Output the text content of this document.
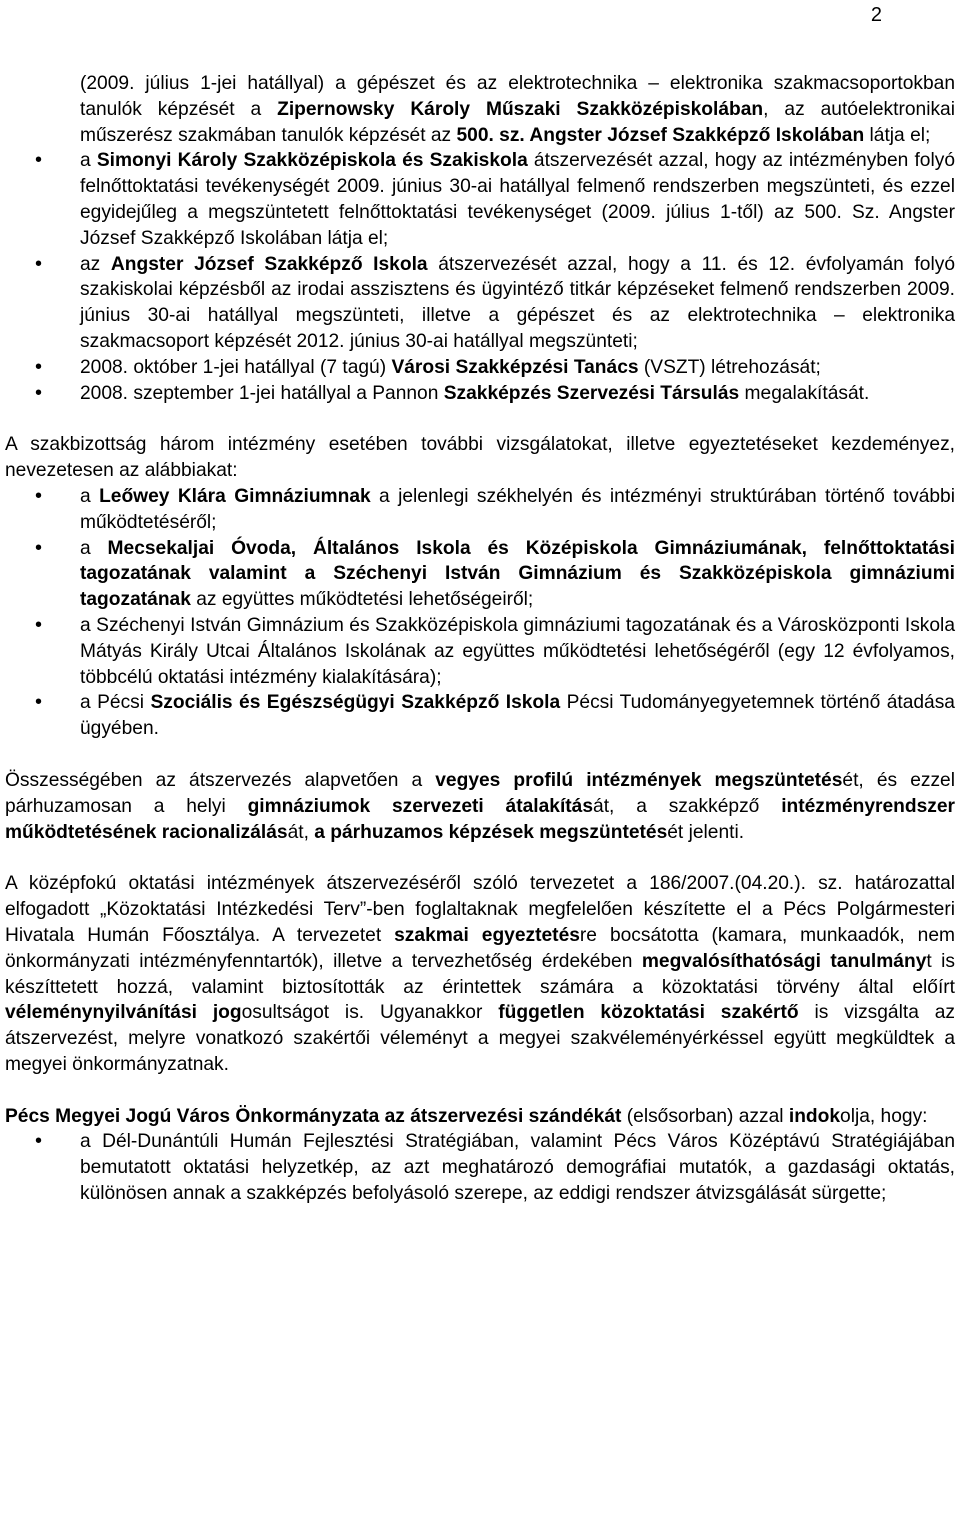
2
(2009. július 1-jei hatállyal) a gépészet és az elektrotechnika – elektronika szakmacsoportokban tanulók képzését a Zipernowsky Károly Műszaki Szakközépiskolában, az autóelektronikai műszerész szakmában tanulók képzését az 500. sz. Angster József Szakképző Iskolában látja el;
• a Simonyi Károly Szakközépiskola és Szakiskola átszervezését azzal, hogy az intézményben folyó felnőttoktatási tevékenységét 2009. június 30-ai hatállyal felmenő rendszerben megszünteti, és ezzel egyidejűleg a megszüntetett felnőttoktatási tevékenységet (2009. július 1-től) az 500. Sz. Angster József Szakképző Iskolában látja el;
• az Angster József Szakképző Iskola átszervezését azzal, hogy a 11. és 12. évfolyamán folyó szakiskolai képzésből az irodai asszisztens és ügyintéző titkár képzéseket felmenő rendszerben 2009. június 30-ai hatállyal megszünteti, illetve a gépészet és az elektrotechnika – elektronika szakmacsoport képzését 2012. június 30-ai hatállyal megszünteti;
• 2008. október 1-jei hatállyal (7 tagú) Városi Szakképzési Tanács (VSZT) létrehozását;
• 2008. szeptember 1-jei hatállyal a Pannon Szakképzés Szervezési Társulás megalakítását.

A szakbizottság három intézmény esetében további vizsgálatokat, illetve egyeztetéseket kezdeményez, nevezetesen az alábbiakat:

• a Leőwey Klára Gimnáziumnak a jelenlegi székhelyén és intézményi struktúrában történő további működtetéséről;
• a Mecsekaljai Óvoda, Általános Iskola és Középiskola Gimnáziumának, felnőttoktatási tagozatának valamint a Széchenyi István Gimnázium és Szakközépiskola gimnáziumi tagozatának az együttes működtetési lehetőségeiről;
• a Széchenyi István Gimnázium és Szakközépiskola gimnáziumi tagozatának és a Városközponti Iskola Mátyás Király Utcai Általános Iskolának az együttes működtetési lehetőségéről (egy 12 évfolyamos, többcélú oktatási intézmény kialakítására);
• a Pécsi Szociális és Egészségügyi Szakképző Iskola Pécsi Tudományegyetemnek történő átadása ügyében.

Összességében az átszervezés alapvetően a vegyes profilú intézmények megszüntetését, és ezzel párhuzamosan a helyi gimnáziumok szervezeti átalakítását, a szakképző intézményrendszer működtetésének racionalizálását, a párhuzamos képzések megszüntetését jelenti.

A középfokú oktatási intézmények átszervezéséről szóló tervezetet a 186/2007.(04.20.). sz. határozattal elfogadott „Közoktatási Intézkedési Terv”-ben foglaltaknak megfelelően készítette el a Pécs Polgármesteri Hivatala Humán Főosztálya. A tervezetet szakmai egyeztetésre bocsátotta (kamara, munkaadók, nem önkormányzati intézményfenntartók), illetve a tervezhetőség érdekében megvalósíthatósági tanulmányt is készíttetett hozzá, valamint biztosították az érintettek számára a közoktatási törvény által előírt véleménynyilvánítási jogosultságot is. Ugyanakkor független közoktatási szakértő is vizsgálta az átszervezést, melyre vonatkozó szakértői véleményt a megyei szakvéleményérkéssel együtt megküldtek a megyei önkormányzatnak.

Pécs Megyei Jogú Város Önkormányzata az átszervezési szándékát (elsősorban) azzal indokolja, hogy:

• a Dél-Dunántúli Humán Fejlesztési Stratégiában, valamint Pécs Város Középtávú Stratégiájában bemutatott oktatási helyzetkép, az azt meghatározó demográfiai mutatók, a gazdasági oktatás, különösen annak a szakképzés befolyásoló szerepe, az eddigi rendszer átvizsgálását sürgette;
